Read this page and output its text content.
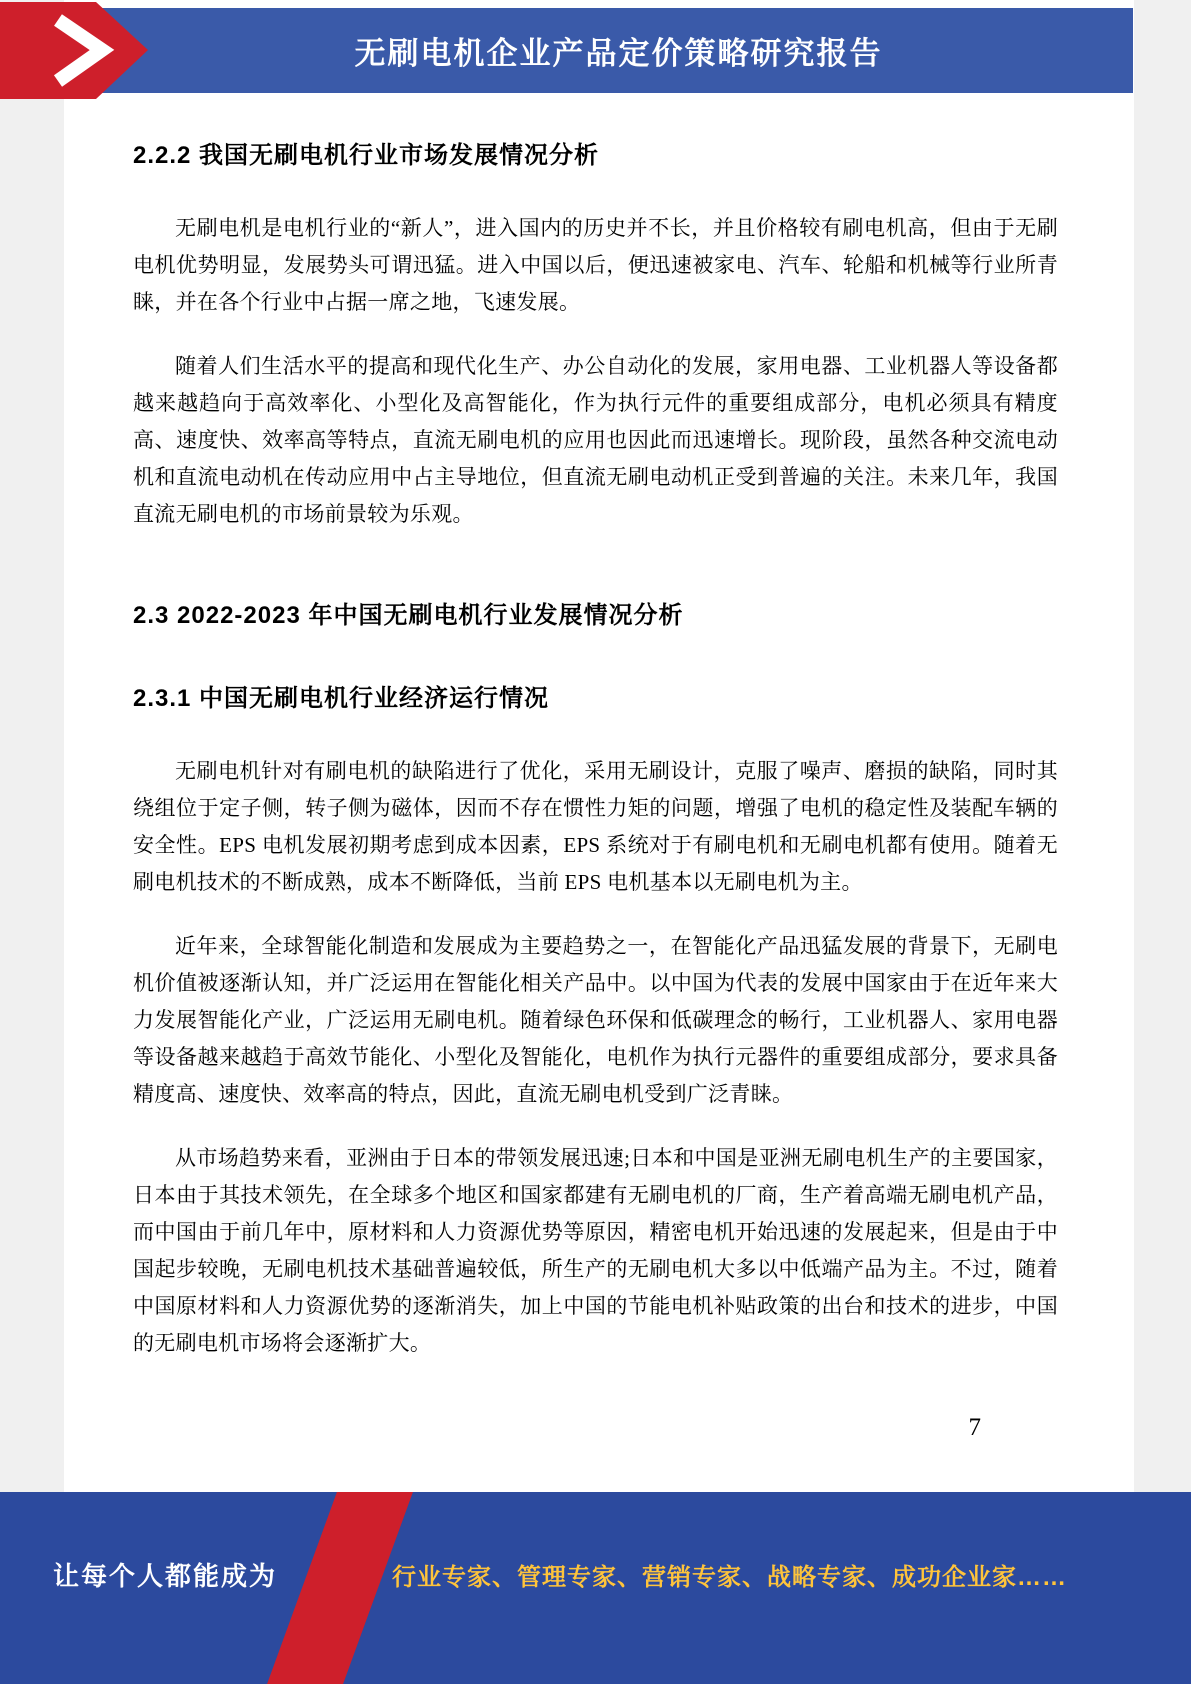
无刷电机企业产品定价策略研究报告
2.2.2 我国无刷电机行业市场发展情况分析

无刷电机是电机行业的“新人”，进入国内的历史并不长，并且价格较有刷电机高，但由于无刷电机优势明显，发展势头可谓迅猛。进入中国以后，便迅速被家电、汽车、轮船和机械等行业所青睐，并在各个行业中占据一席之地，飞速发展。

随着人们生活水平的提高和现代化生产、办公自动化的发展，家用电器、工业机器人等设备都越来越趋向于高效率化、小型化及高智能化，作为执行元件的重要组成部分，电机必须具有精度高、速度快、效率高等特点，直流无刷电机的应用也因此而迅速增长。现阶段，虽然各种交流电动机和直流电动机在传动应用中占主导地位，但直流无刷电动机正受到普遍的关注。未来几年，我国直流无刷电机的市场前景较为乐观。

2.3 2022-2023 年中国无刷电机行业发展情况分析
2.3.1 中国无刷电机行业经济运行情况

无刷电机针对有刷电机的缺陷进行了优化，采用无刷设计，克服了噪声、磨损的缺陷，同时其绕组位于定子侧，转子侧为磁体，因而不存在惯性力矩的问题，增强了电机的稳定性及装配车辆的安全性。EPS 电机发展初期考虑到成本因素，EPS 系统对于有刷电机和无刷电机都有使用。随着无刷电机技术的不断成熟，成本不断降低，当前 EPS 电机基本以无刷电机为主。

近年来，全球智能化制造和发展成为主要趋势之一，在智能化产品迅猛发展的背景下，无刷电机价值被逐渐认知，并广泛运用在智能化相关产品中。以中国为代表的发展中国家由于在近年来大力发展智能化产业，广泛运用无刷电机。随着绿色环保和低碳理念的畅行，工业机器人、家用电器等设备越来越趋于高效节能化、小型化及智能化，电机作为执行元器件的重要组成部分，要求具备精度高、速度快、效率高的特点，因此，直流无刷电机受到广泛青睐。

从市场趋势来看，亚洲由于日本的带领发展迅速;日本和中国是亚洲无刷电机生产的主要国家，日本由于其技术领先，在全球多个地区和国家都建有无刷电机的厂商，生产着高端无刷电机产品，而中国由于前几年中，原材料和人力资源优势等原因，精密电机开始迅速的发展起来，但是由于中国起步较晚，无刷电机技术基础普遍较低，所生产的无刷电机大多以中低端产品为主。不过，随着中国原材料和人力资源优势的逐渐消失，加上中国的节能电机补贴政策的出台和技术的进步，中国的无刷电机市场将会逐渐扩大。

7
让每个人都能成为	行业专家、管理专家、营销专家、战略专家、成功企业家……
